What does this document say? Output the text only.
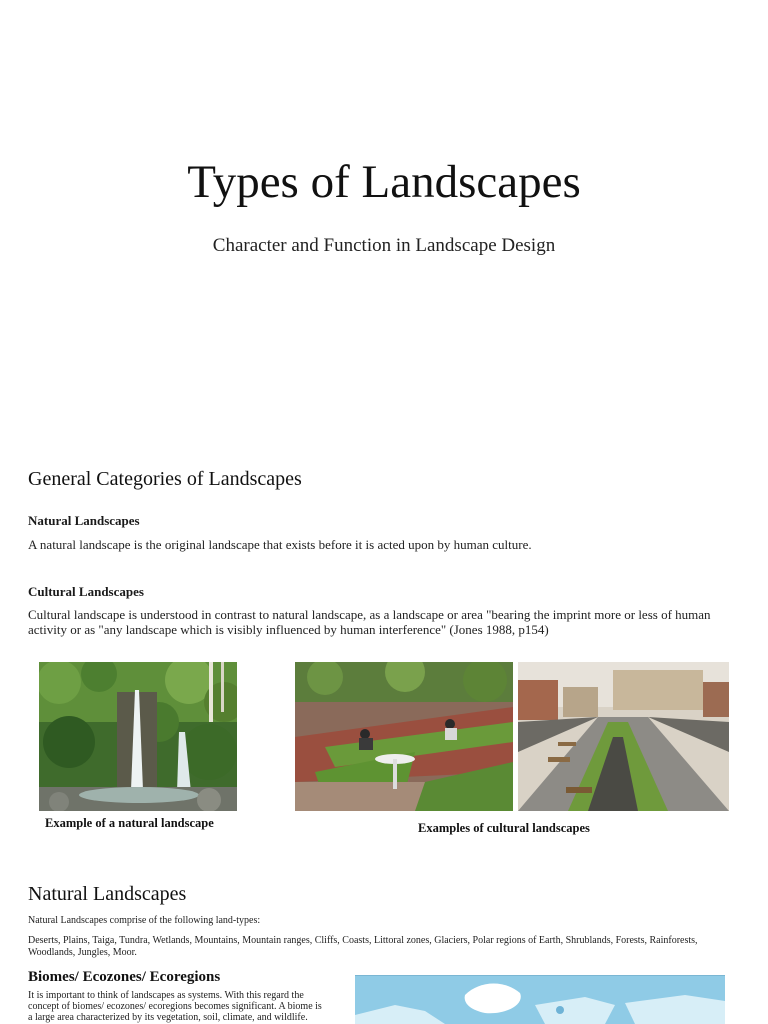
Types of Landscapes
Character and Function in Landscape Design
General Categories of Landscapes
Natural Landscapes
A natural landscape is the original landscape that exists before it is acted upon by human culture.
Cultural Landscapes
Cultural landscape is understood in contrast to natural landscape, as a landscape or area "bearing the imprint more or less of human
activity or as "any landscape which is visibly influenced by human interference" (Jones 1988, p154)
Example of a natural landscape	Examples of cultural landscapes
Natural Landscapes
Natural Landscapes comprise of the following land-types:
Deserts, Plains, Taiga, Tundra, Wetlands, Mountains, Mountain ranges, Cliffs, Coasts, Littoral zones, Glaciers, Polar regions of Earth, Shrublands, Forests, Rainforests,
Woodlands, Jungles, Moor.
Biomes/ Ecozones/ Ecoregions
It is important to think of landscapes as systems. With this regard the
concept of biomes/ ecozones/ ecoregions becomes significant. A biome is
a large area characterized by its vegetation, soil, climate, and wildlife.
